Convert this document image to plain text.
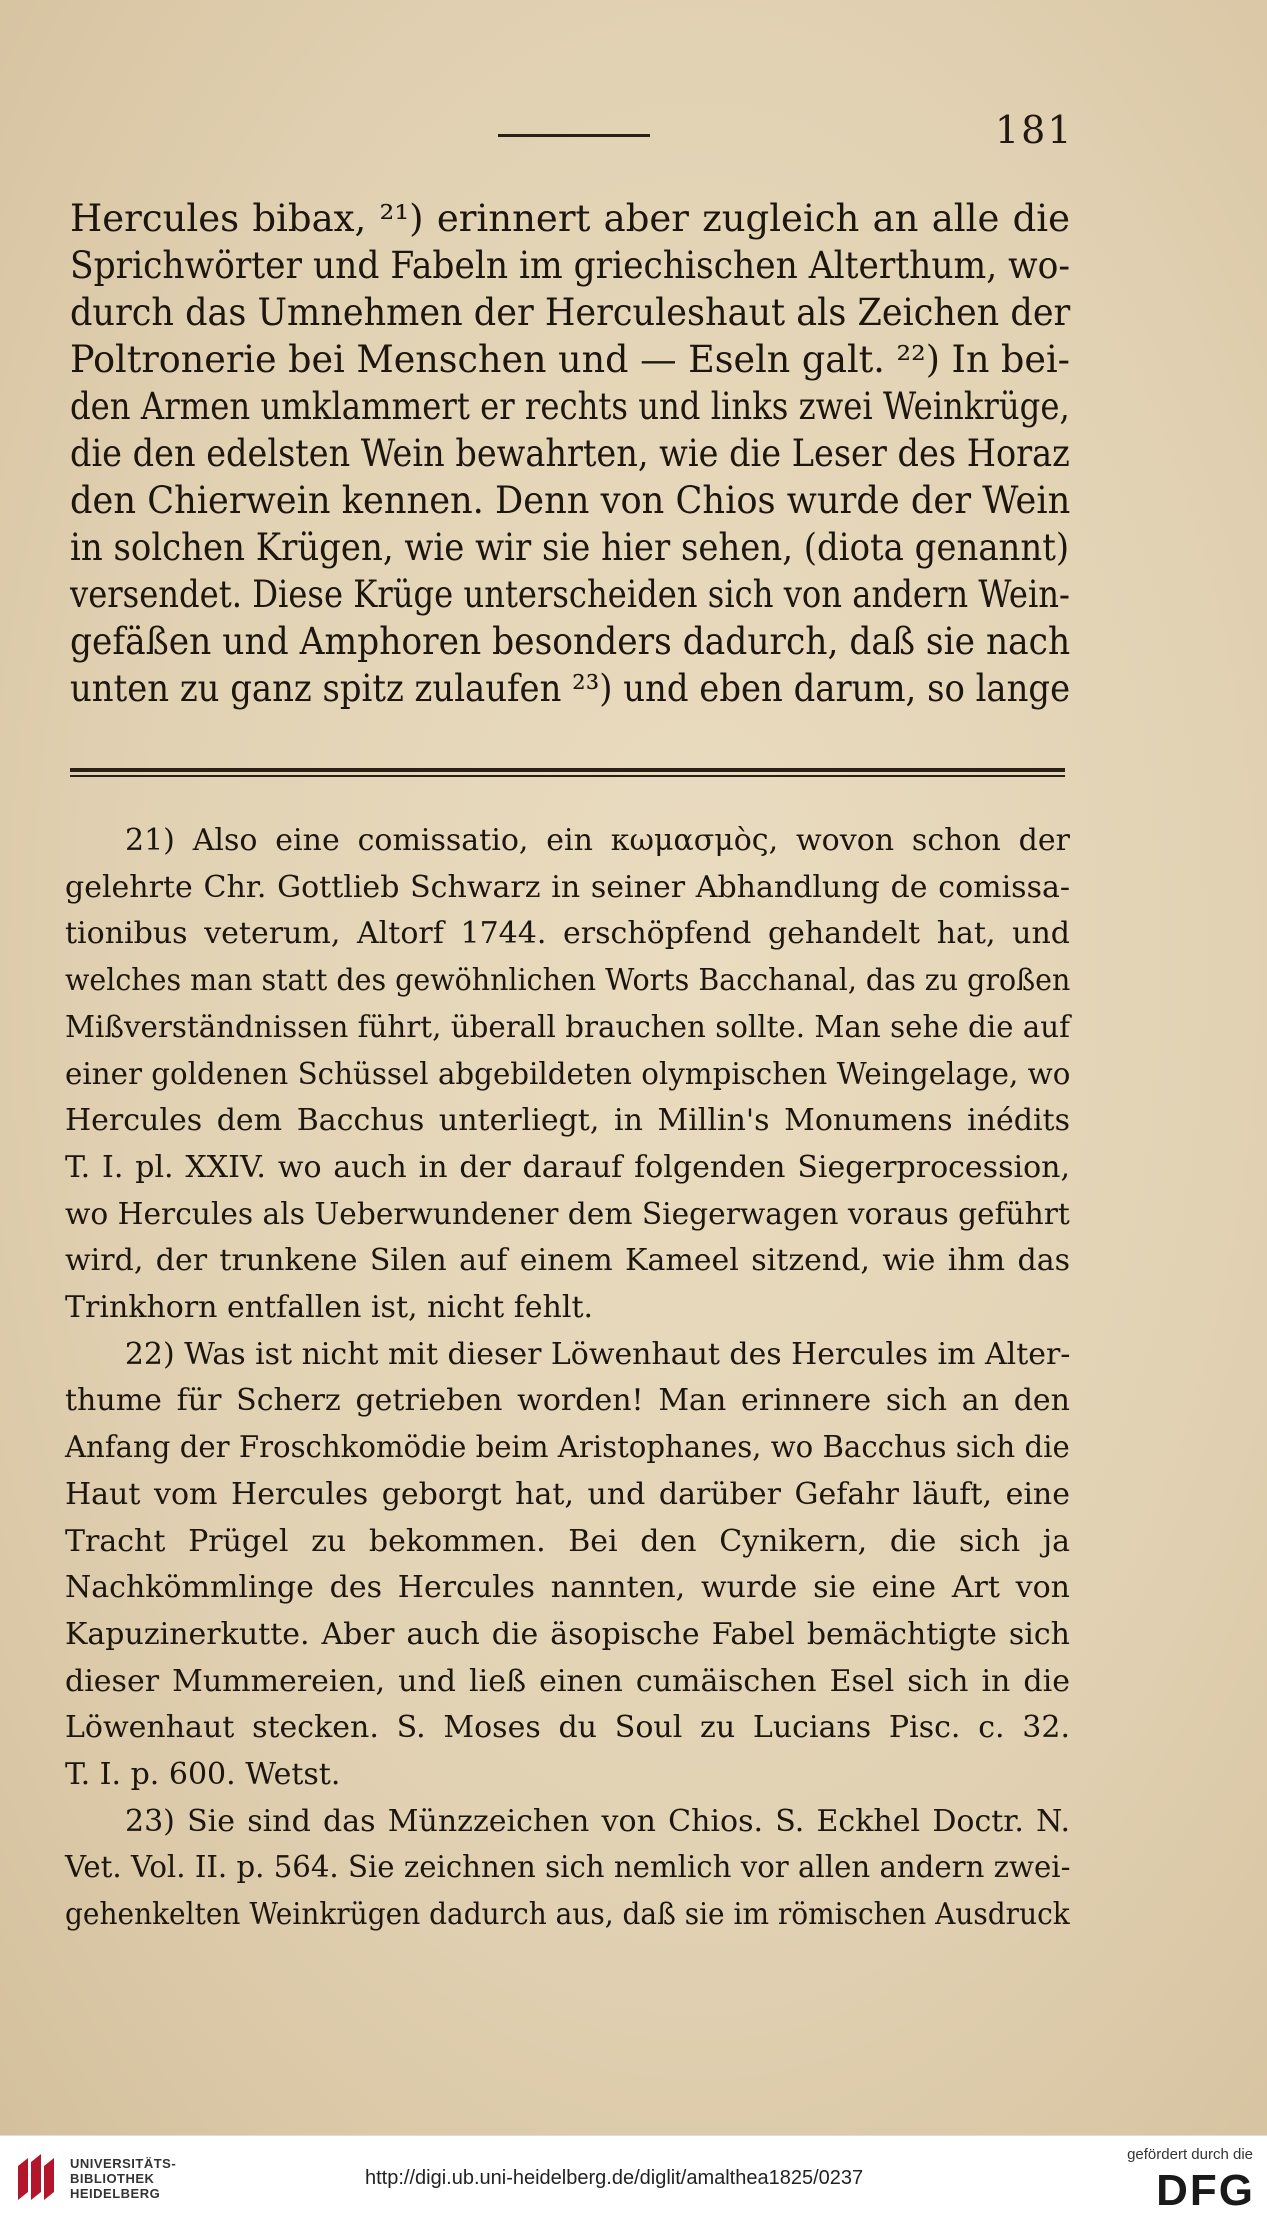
181
Hercules bibax, ²¹) erinnert aber zugleich an alle die
Sprichwörter und Fabeln im griechischen Alterthum, wo-
durch das Umnehmen der Herculeshaut als Zeichen der
Poltronerie bei Menschen und — Eseln galt. ²²) In bei-
den Armen umklammert er rechts und links zwei Weinkrüge,
die den edelsten Wein bewahrten, wie die Leser des Horaz
den Chierwein kennen. Denn von Chios wurde der Wein
in solchen Krügen, wie wir sie hier sehen, (diota genannt)
versendet. Diese Krüge unterscheiden sich von andern Wein-
gefäßen und Amphoren besonders dadurch, daß sie nach
unten zu ganz spitz zulaufen ²³) und eben darum, so lange
21) Also eine comissatio, ein κωμασμὸς, wovon schon der
gelehrte Chr. Gottlieb Schwarz in seiner Abhandlung de comissa-
tionibus veterum, Altorf 1744. erschöpfend gehandelt hat, und
welches man statt des gewöhnlichen Worts Bacchanal, das zu großen
Mißverständnissen führt, überall brauchen sollte. Man sehe die auf
einer goldenen Schüssel abgebildeten olympischen Weingelage, wo
Hercules dem Bacchus unterliegt, in Millin's Monumens inédits
T. I. pl. XXIV. wo auch in der darauf folgenden Siegerprocession,
wo Hercules als Ueberwundener dem Siegerwagen voraus geführt
wird, der trunkene Silen auf einem Kameel sitzend, wie ihm das
Trinkhorn entfallen ist, nicht fehlt.
22) Was ist nicht mit dieser Löwenhaut des Hercules im Alter-
thume für Scherz getrieben worden! Man erinnere sich an den
Anfang der Froschkomödie beim Aristophanes, wo Bacchus sich die
Haut vom Hercules geborgt hat, und darüber Gefahr läuft, eine
Tracht Prügel zu bekommen. Bei den Cynikern, die sich ja
Nachkömmlinge des Hercules nannten, wurde sie eine Art von
Kapuzinerkutte. Aber auch die äsopische Fabel bemächtigte sich
dieser Mummereien, und ließ einen cumäischen Esel sich in die
Löwenhaut stecken. S. Moses du Soul zu Lucians Pisc. c. 32.
T. I. p. 600. Wetst.
23) Sie sind das Münzzeichen von Chios. S. Eckhel Doctr. N.
Vet. Vol. II. p. 564. Sie zeichnen sich nemlich vor allen andern zwei-
gehenkelten Weinkrügen dadurch aus, daß sie im römischen Ausdruck
UNIVERSITÄTS-
BIBLIOTHEK
HEIDELBERG
http://digi.ub.uni-heidelberg.de/diglit/amalthea1825/0237
gefördert durch die
DFG
